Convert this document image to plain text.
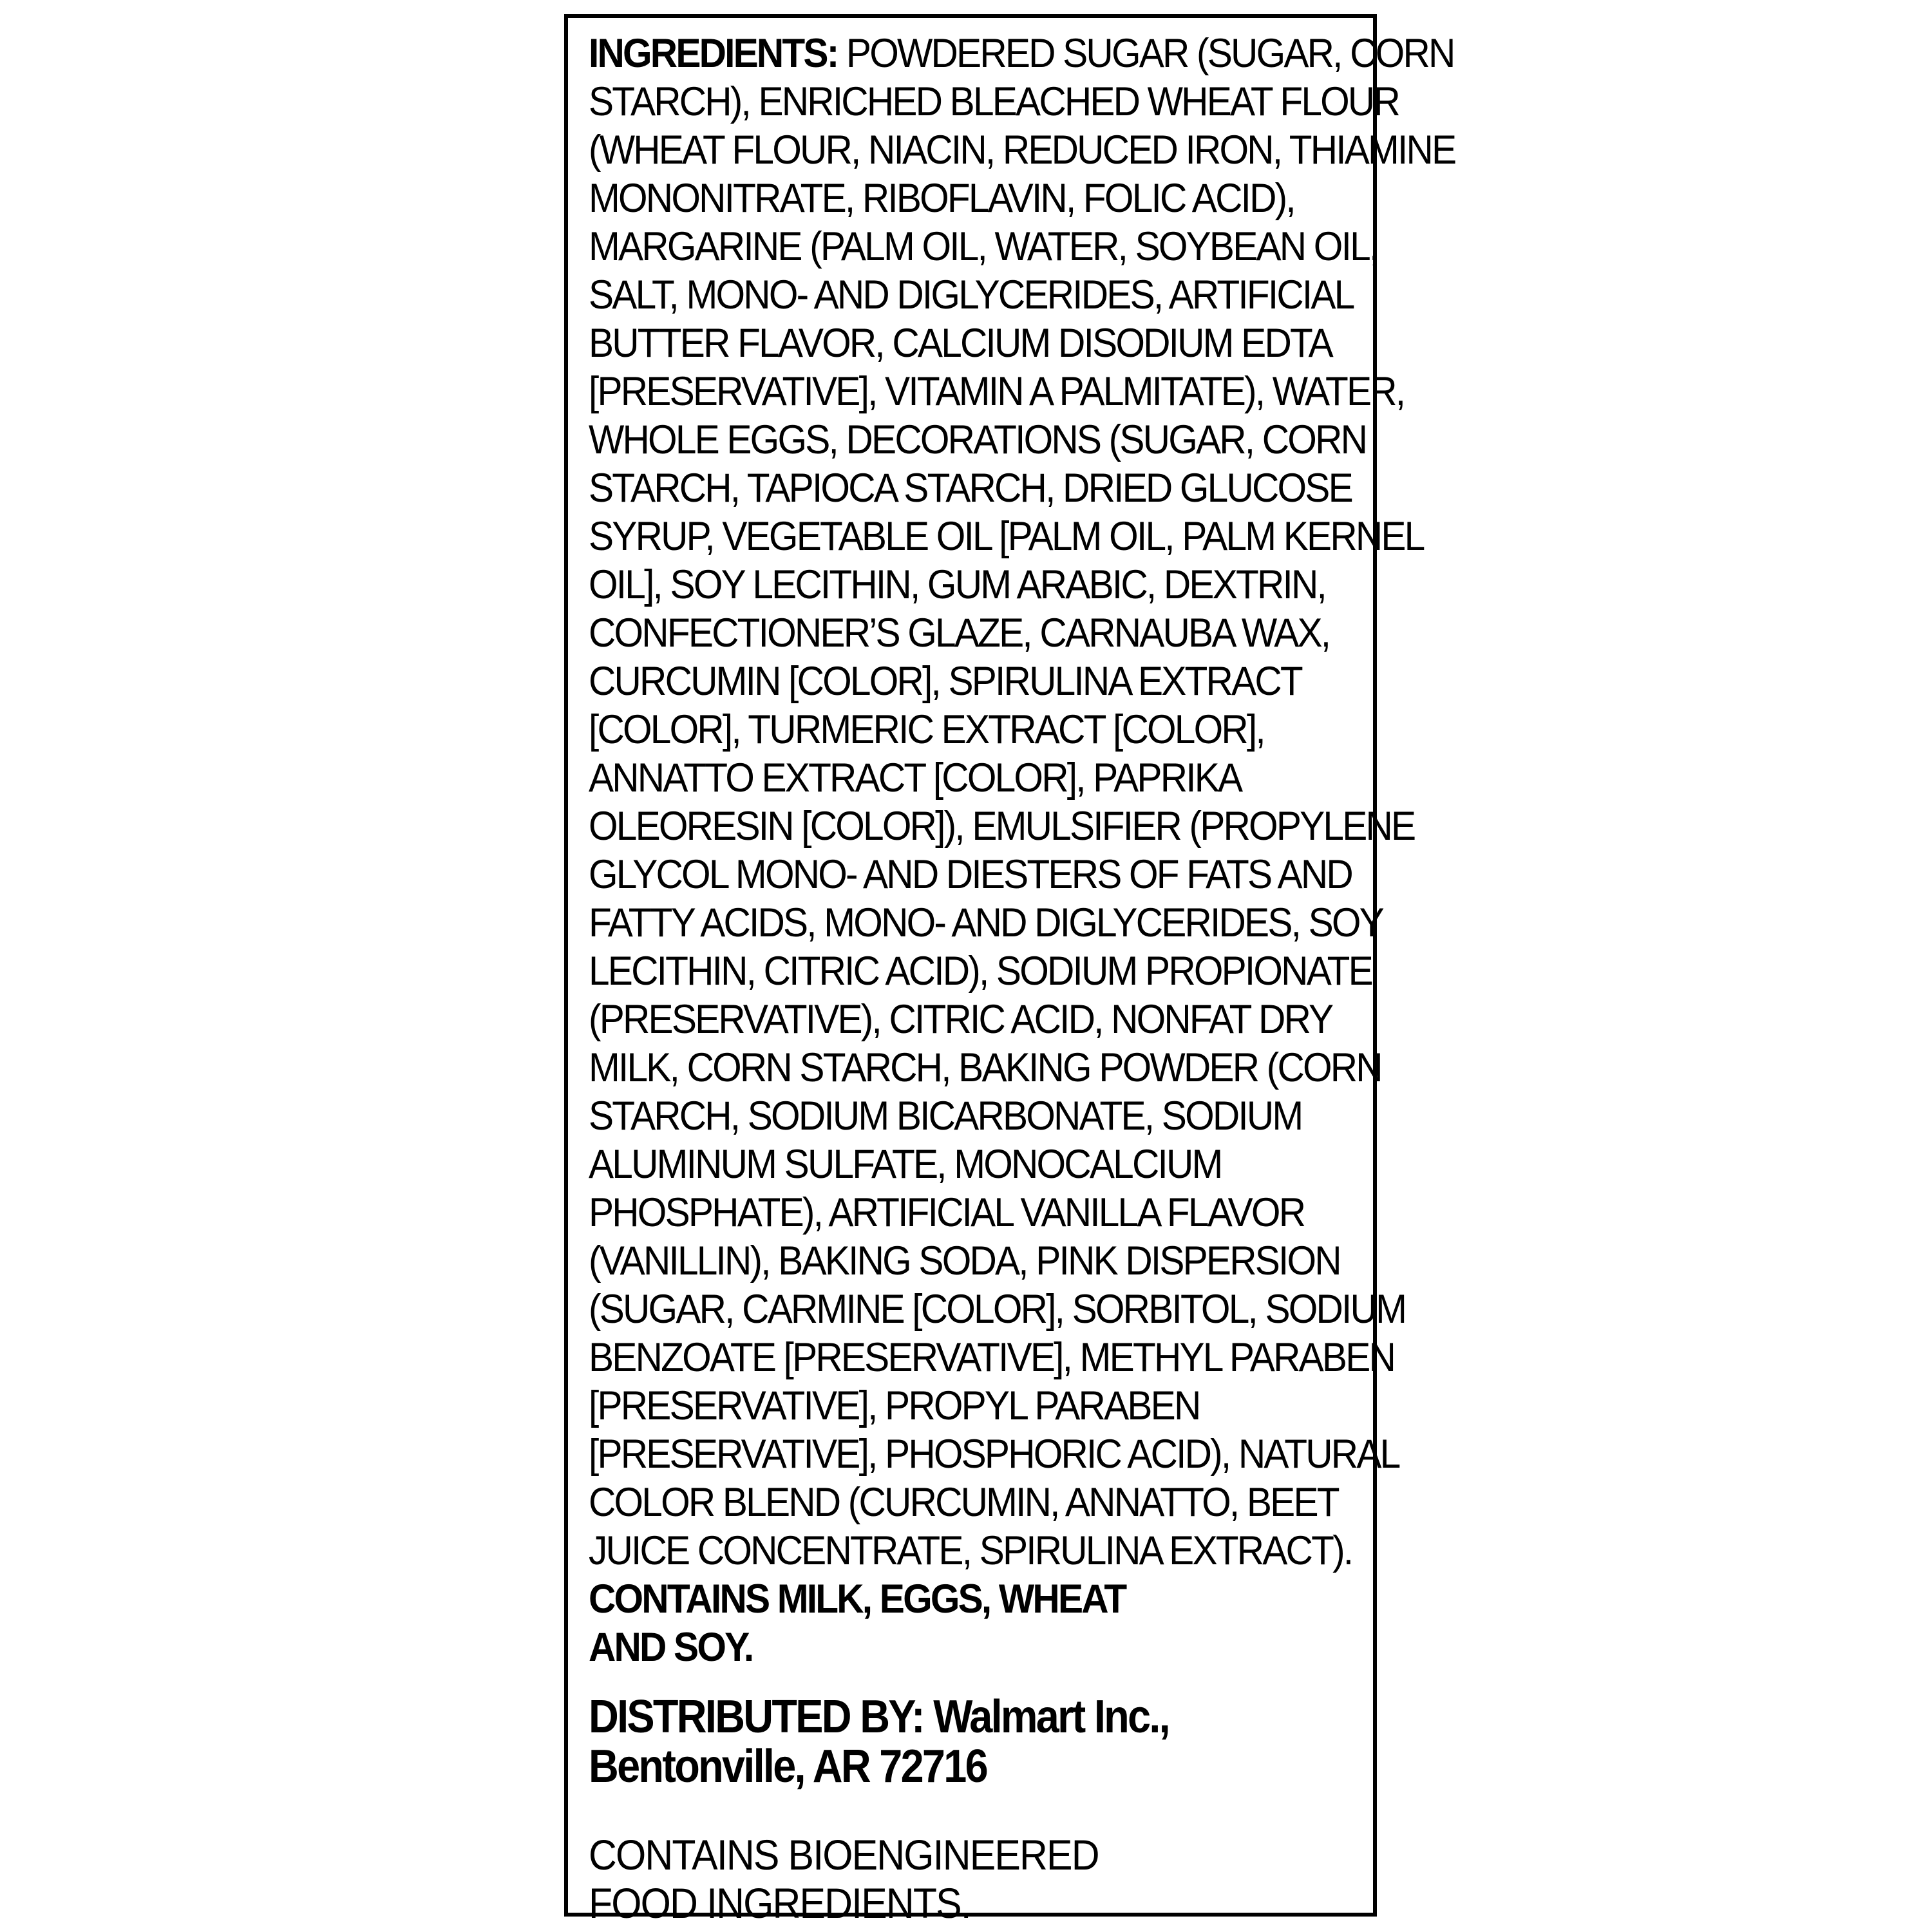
INGREDIENTS: POWDERED SUGAR (SUGAR, CORN
STARCH), ENRICHED BLEACHED WHEAT FLOUR
(WHEAT FLOUR, NIACIN, REDUCED IRON, THIAMINE
MONONITRATE, RIBOFLAVIN, FOLIC ACID),
MARGARINE (PALM OIL, WATER, SOYBEAN OIL,
SALT, MONO- AND DIGLYCERIDES, ARTIFICIAL
BUTTER FLAVOR, CALCIUM DISODIUM EDTA
[PRESERVATIVE], VITAMIN A PALMITATE), WATER,
WHOLE EGGS, DECORATIONS (SUGAR, CORN
STARCH, TAPIOCA STARCH, DRIED GLUCOSE
SYRUP, VEGETABLE OIL [PALM OIL, PALM KERNEL
OIL], SOY LECITHIN, GUM ARABIC, DEXTRIN,
CONFECTIONER’S GLAZE, CARNAUBA WAX,
CURCUMIN [COLOR], SPIRULINA EXTRACT
[COLOR], TURMERIC EXTRACT [COLOR],
ANNATTO EXTRACT [COLOR], PAPRIKA
OLEORESIN [COLOR]), EMULSIFIER (PROPYLENE
GLYCOL MONO- AND DIESTERS OF FATS AND
FATTY ACIDS, MONO- AND DIGLYCERIDES, SOY
LECITHIN, CITRIC ACID), SODIUM PROPIONATE
(PRESERVATIVE), CITRIC ACID, NONFAT DRY
MILK, CORN STARCH, BAKING POWDER (CORN
STARCH, SODIUM BICARBONATE, SODIUM
ALUMINUM SULFATE, MONOCALCIUM
PHOSPHATE), ARTIFICIAL VANILLA FLAVOR
(VANILLIN), BAKING SODA, PINK DISPERSION
(SUGAR, CARMINE [COLOR], SORBITOL, SODIUM
BENZOATE [PRESERVATIVE], METHYL PARABEN
[PRESERVATIVE], PROPYL PARABEN
[PRESERVATIVE], PHOSPHORIC ACID), NATURAL
COLOR BLEND (CURCUMIN, ANNATTO, BEET
JUICE CONCENTRATE, SPIRULINA EXTRACT).
CONTAINS MILK, EGGS, WHEAT
AND SOY.
DISTRIBUTED BY: Walmart Inc.,
Bentonville, AR 72716
CONTAINS BIOENGINEERED
FOOD INGREDIENTS.
